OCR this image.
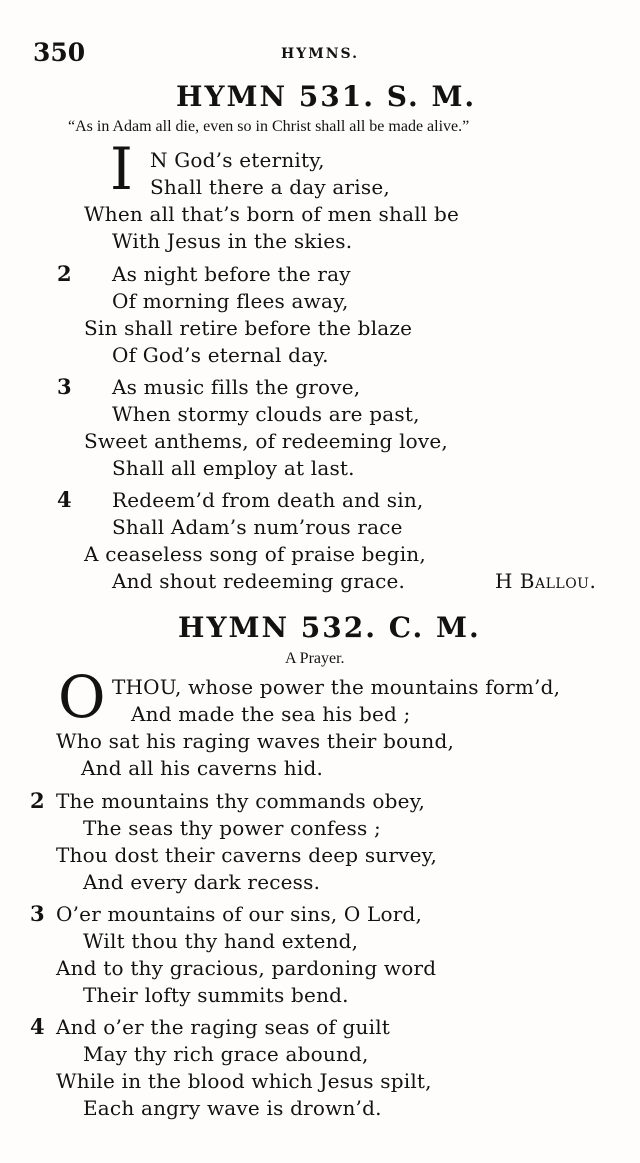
350	HYMNS.
HYMN 531. S. M.
“As in Adam all die, even so in Christ shall all be made alive.”
I N God’s eternity,
Shall there a day arise,
When all that’s born of men shall be
With Jesus in the skies.
2 As night before the ray
Of morning flees away,
Sin shall retire before the blaze
Of God’s eternal day.
3 As music fills the grove,
When stormy clouds are past,
Sweet anthems, of redeeming love,
Shall all employ at last.
4 Redeem’d from death and sin,
Shall Adam’s num’rous race
A ceaseless song of praise begin,
And shout redeeming grace.	H Ballou.
HYMN 532. C. M.
A Prayer.
O THOU, whose power the mountains form’d,
And made the sea his bed ;
Who sat his raging waves their bound,
And all his caverns hid.
2 The mountains thy commands obey,
The seas thy power confess ;
Thou dost their caverns deep survey,
And every dark recess.
3 O’er mountains of our sins, O Lord,
Wilt thou thy hand extend,
And to thy gracious, pardoning word
Their lofty summits bend.
4 And o’er the raging seas of guilt
May thy rich grace abound,
While in the blood which Jesus spilt,
Each angry wave is drown’d.
